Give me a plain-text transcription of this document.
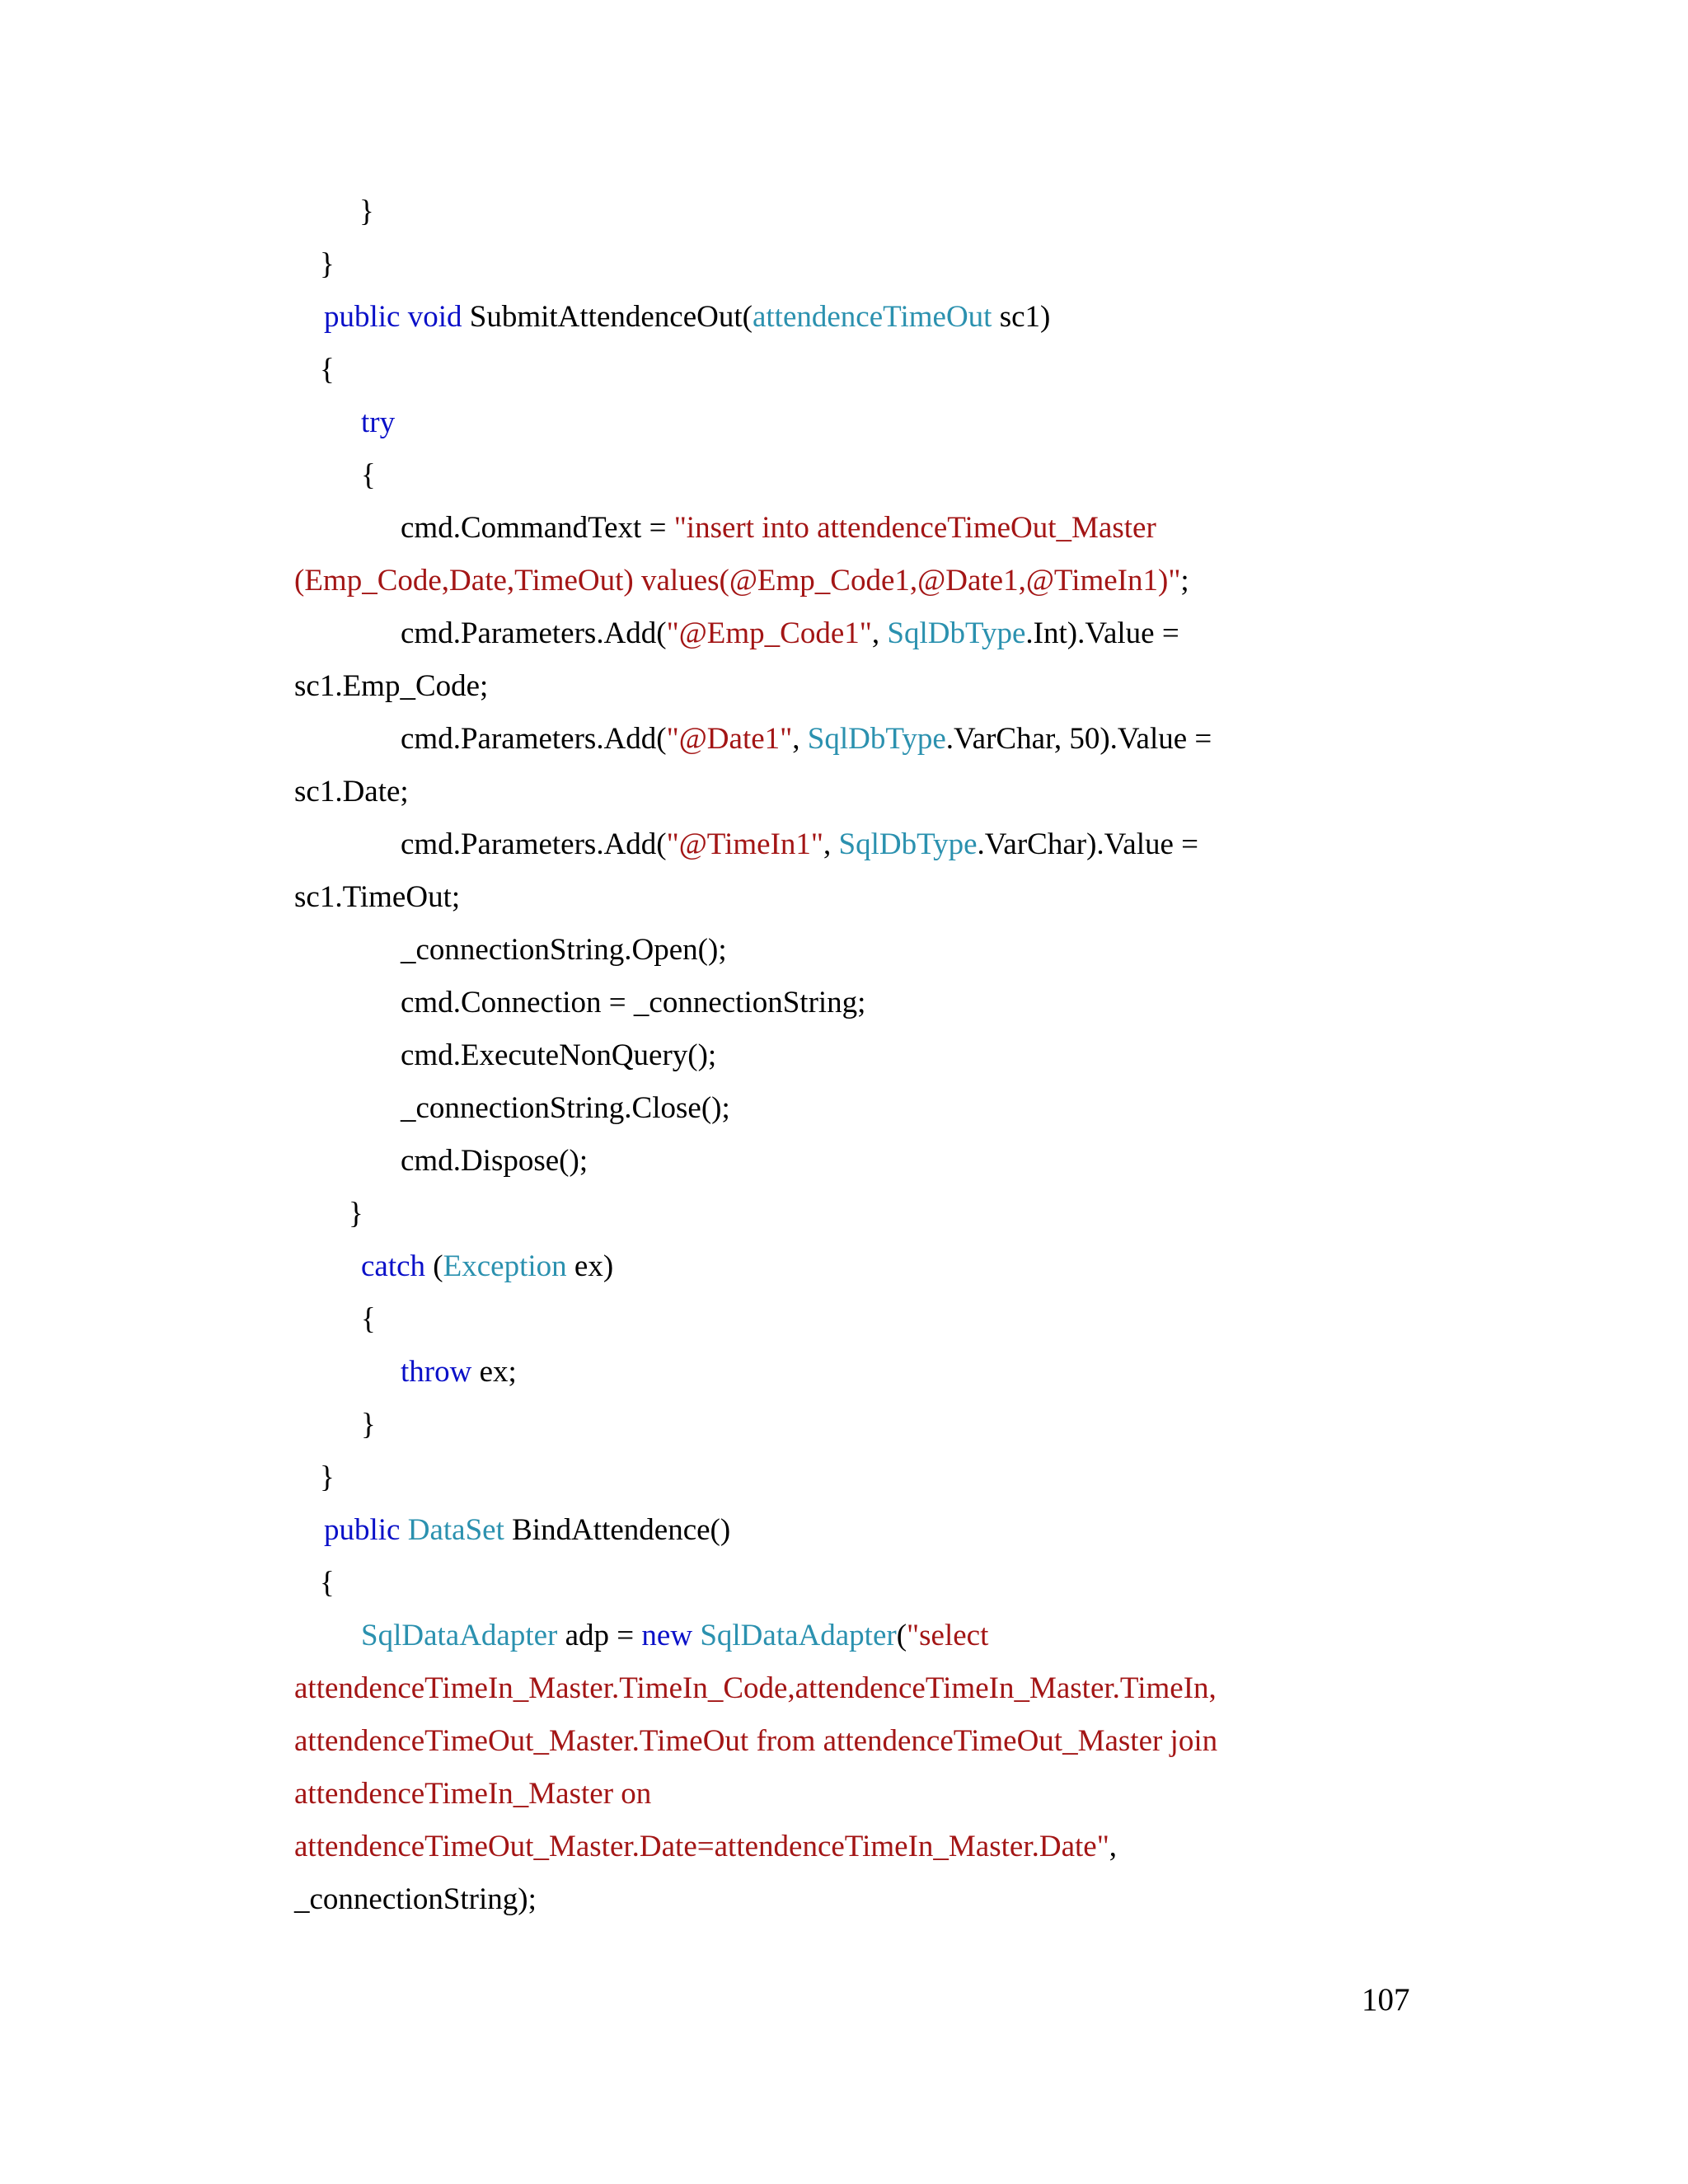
}
}
public void SubmitAttendenceOut(attendenceTimeOut sc1)
{
try
{
cmd.CommandText = "insert into attendenceTimeOut_Master
(Emp_Code,Date,TimeOut) values(@Emp_Code1,@Date1,@TimeIn1)";
cmd.Parameters.Add("@Emp_Code1", SqlDbType.Int).Value =
sc1.Emp_Code;
cmd.Parameters.Add("@Date1", SqlDbType.VarChar, 50).Value =
sc1.Date;
cmd.Parameters.Add("@TimeIn1", SqlDbType.VarChar).Value =
sc1.TimeOut;
_connectionString.Open();
cmd.Connection = _connectionString;
cmd.ExecuteNonQuery();
_connectionString.Close();
cmd.Dispose();
}
catch (Exception ex)
{
throw ex;
}
}
public DataSet BindAttendence()
{
SqlDataAdapter adp = new SqlDataAdapter("select
attendenceTimeIn_Master.TimeIn_Code,attendenceTimeIn_Master.TimeIn,
attendenceTimeOut_Master.TimeOut from attendenceTimeOut_Master join
attendenceTimeIn_Master on
attendenceTimeOut_Master.Date=attendenceTimeIn_Master.Date",
_connectionString);
107
